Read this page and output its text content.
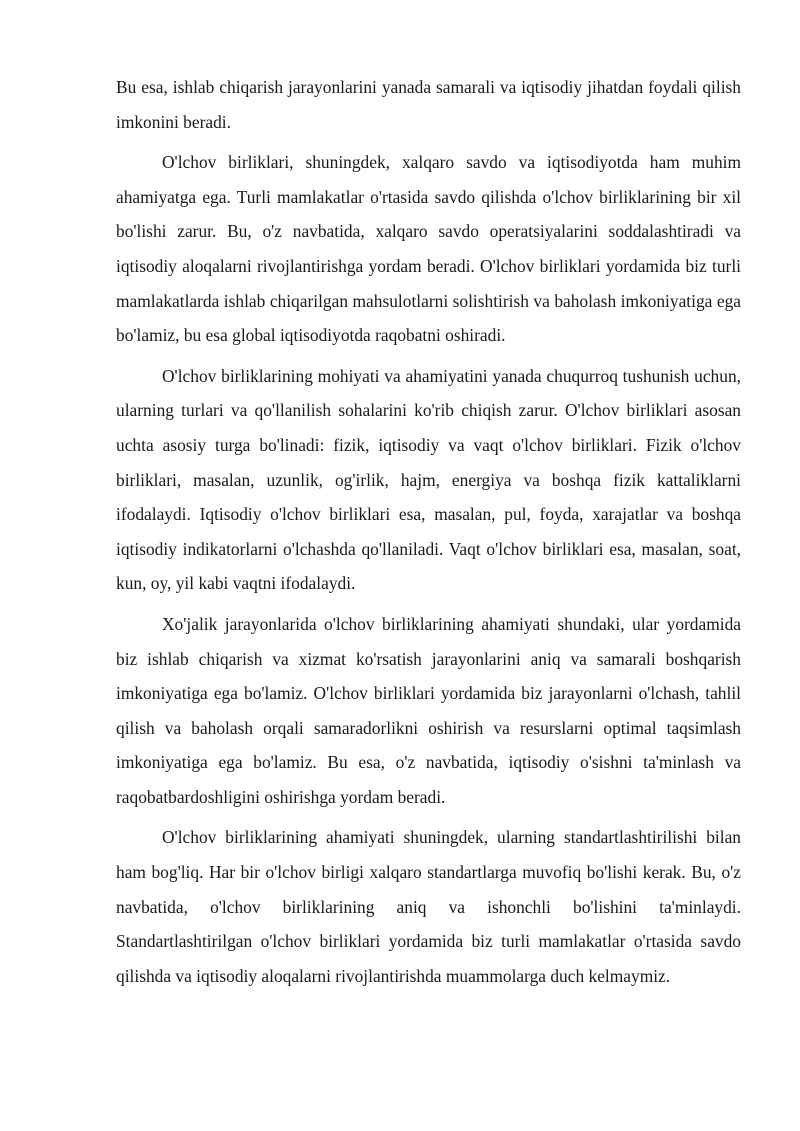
Bu esa, ishlab chiqarish jarayonlarini yanada samarali va iqtisodiy jihatdan foydali qilish imkonini beradi.

O'lchov birliklari, shuningdek, xalqaro savdo va iqtisodiyotda ham muhim ahamiyatga ega. Turli mamlakatlar o'rtasida savdo qilishda o'lchov birliklarining bir xil bo'lishi zarur. Bu, o'z navbatida, xalqaro savdo operatsiyalarini soddalashtiradi va iqtisodiy aloqalarni rivojlantirishga yordam beradi. O'lchov birliklari yordamida biz turli mamlakatlarda ishlab chiqarilgan mahsulotlarni solishtirish va baholash imkoniyatiga ega bo'lamiz, bu esa global iqtisodiyotda raqobatni oshiradi.

O'lchov birliklarining mohiyati va ahamiyatini yanada chuqurroq tushunish uchun, ularning turlari va qo'llanilish sohalarini ko'rib chiqish zarur. O'lchov birliklari asosan uchta asosiy turga bo'linadi: fizik, iqtisodiy va vaqt o'lchov birliklari. Fizik o'lchov birliklari, masalan, uzunlik, og'irlik, hajm, energiya va boshqa fizik kattaliklarni ifodalaydi. Iqtisodiy o'lchov birliklari esa, masalan, pul, foyda, xarajatlar va boshqa iqtisodiy indikatorlarni o'lchashda qo'llaniladi. Vaqt o'lchov birliklari esa, masalan, soat, kun, oy, yil kabi vaqtni ifodalaydi.

Xo'jalik jarayonlarida o'lchov birliklarining ahamiyati shundaki, ular yordamida biz ishlab chiqarish va xizmat ko'rsatish jarayonlarini aniq va samarali boshqarish imkoniyatiga ega bo'lamiz. O'lchov birliklari yordamida biz jarayonlarni o'lchash, tahlil qilish va baholash orqali samaradorlikni oshirish va resurslarni optimal taqsimlash imkoniyatiga ega bo'lamiz. Bu esa, o'z navbatida, iqtisodiy o'sishni ta'minlash va raqobatbardoshligini oshirishga yordam beradi.

O'lchov birliklarining ahamiyati shuningdek, ularning standartlashtirilishi bilan ham bog'liq. Har bir o'lchov birligi xalqaro standartlarga muvofiq bo'lishi kerak. Bu, o'z navbatida, o'lchov birliklarining aniq va ishonchli bo'lishini ta'minlaydi. Standartlashtirilgan o'lchov birliklari yordamida biz turli mamlakatlar o'rtasida savdo qilishda va iqtisodiy aloqalarni rivojlantirishda muammolarga duch kelmaymiz.
